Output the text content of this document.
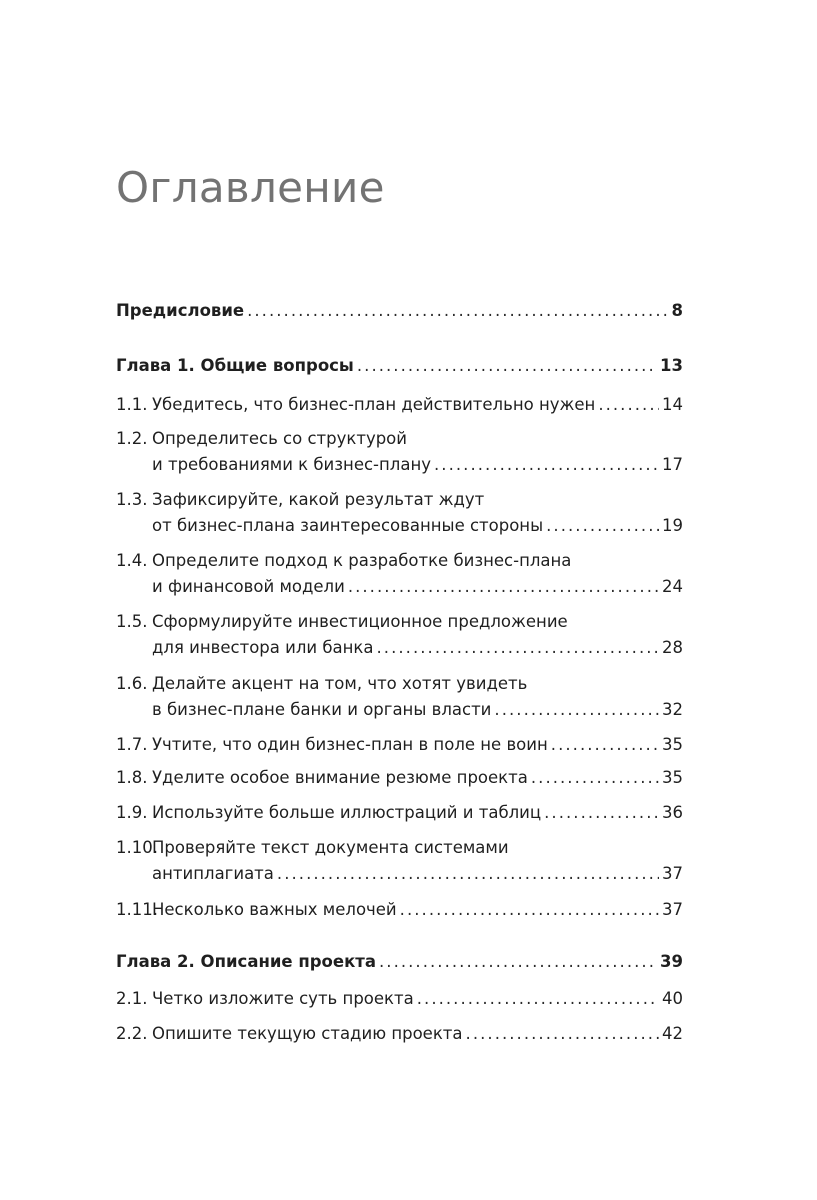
Оглавление
Предисловие . . .	8
Глава 1. Общие вопросы . . .	13
1.1. Убедитесь, что бизнес-план действительно нужен . . .	14
1.2. Определитесь со структурой
и требованиями к бизнес-плану . . .	17
1.3. Зафиксируйте, какой результат ждут
от бизнес-плана заинтересованные стороны . . .	19
1.4. Определите подход к разработке бизнес-плана
и финансовой модели . . .	24
1.5. Сформулируйте инвестиционное предложение
для инвестора или банка . . .	28
1.6. Делайте акцент на том, что хотят увидеть
в бизнес-плане банки и органы власти . . .	32
1.7. Учтите, что один бизнес-план в поле не воин . . .	35
1.8. Уделите особое внимание резюме проекта . . .	35
1.9. Используйте больше иллюстраций и таблиц . . .	36
1.10.
Проверяйте текст документа системами
антиплагиата . . .	37
1.11.
Несколько важных мелочей . . .	37
Глава 2. Описание проекта . . .	39
2.1. Четко изложите суть проекта . . .	40
2.2. Опишите текущую стадию проекта . . .	42
